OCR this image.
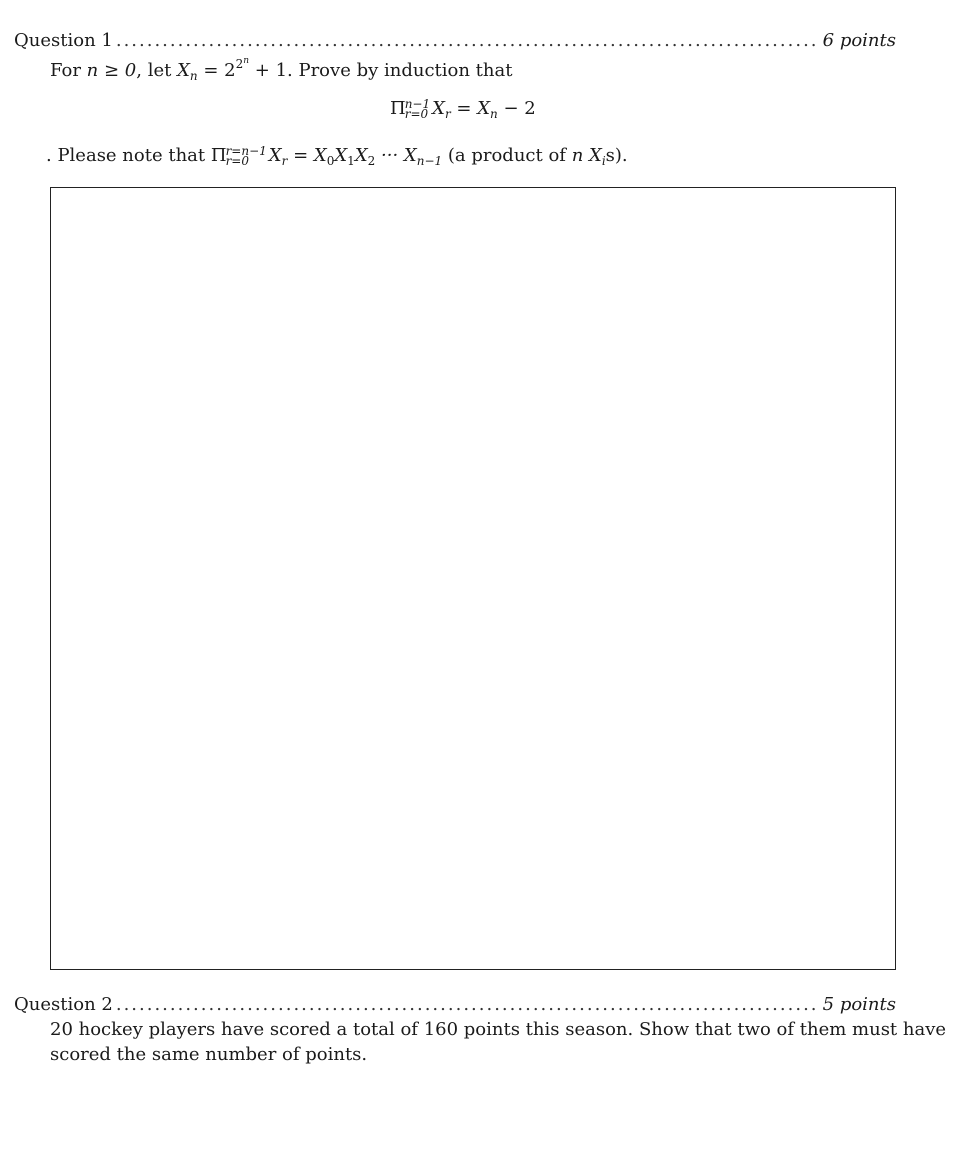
Question 1 .....	6 points
For n ≥ 0, let $X_n = 2^{2^n} + 1$. Prove by induction that
Π n−1
r=0 $X_r = X_n - 2$
. Please note that Π r=n−1
r=0	$X_r = X_0X_1X_2$ ··· $X_{n-1}$ (a product of n $X_is$).
Question 2 .....	5 points
20 hockey players have scored a total of 160 points this season. Show that two of them must have
scored the same number of points.
